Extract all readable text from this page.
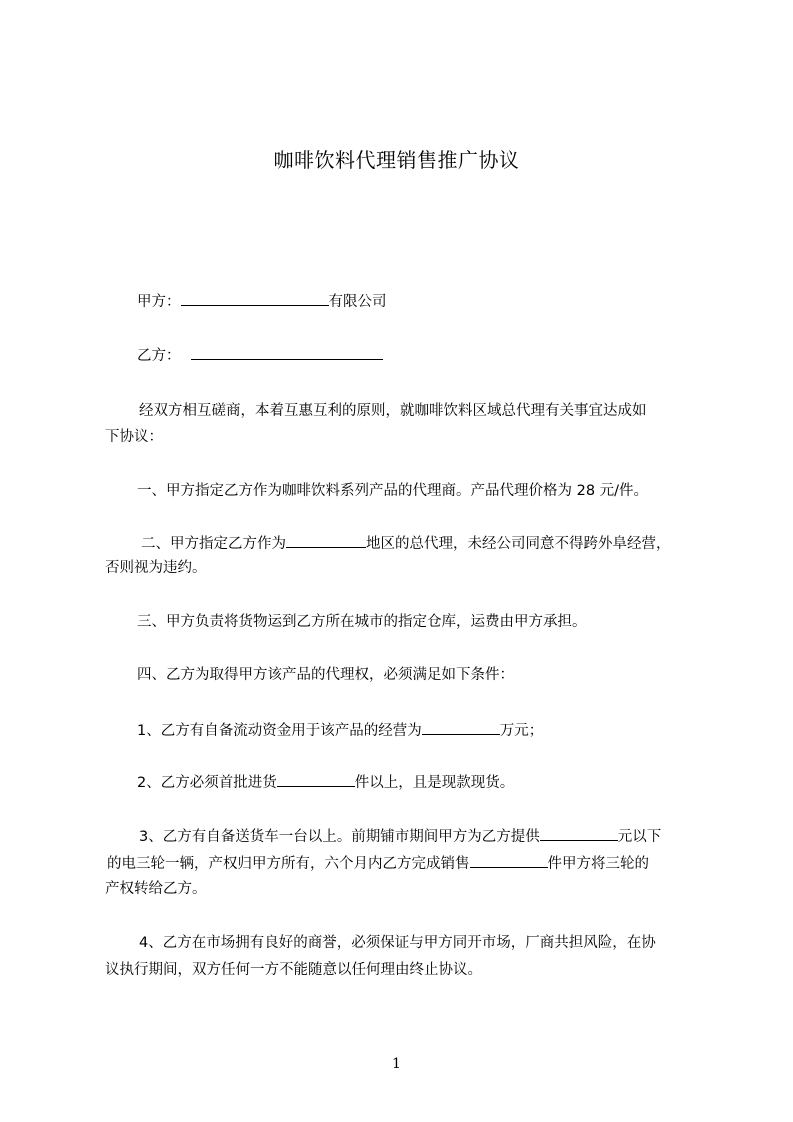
咖啡饮料代理销售推广协议
甲方：	有限公司
乙方：
经双方相互磋商，本着互惠互利的原则，就咖啡饮料区域总代理有关事宜达成如
下协议：
一、甲方指定乙方作为咖啡饮料系列产品的代理商。产品代理价格为 28 元/件。
二、甲方指定乙方作为	地区的总代理，未经公司同意不得跨外阜经营，
否则视为违约。
三、甲方负责将货物运到乙方所在城市的指定仓库，运费由甲方承担。
四、乙方为取得甲方该产品的代理权，必须满足如下条件：
1、乙方有自备流动资金用于该产品的经营为	万元；
2、乙方必须首批进货	件以上，且是现款现货。
3、乙方有自备送货车一台以上。前期铺市期间甲方为乙方提供	元以下
的电三轮一辆，产权归甲方所有，六个月内乙方完成销售	件甲方将三轮的
产权转给乙方。
4、乙方在市场拥有良好的商誉，必须保证与甲方同开市场，厂商共担风险，在协
议执行期间，双方任何一方不能随意以任何理由终止协议。
1
